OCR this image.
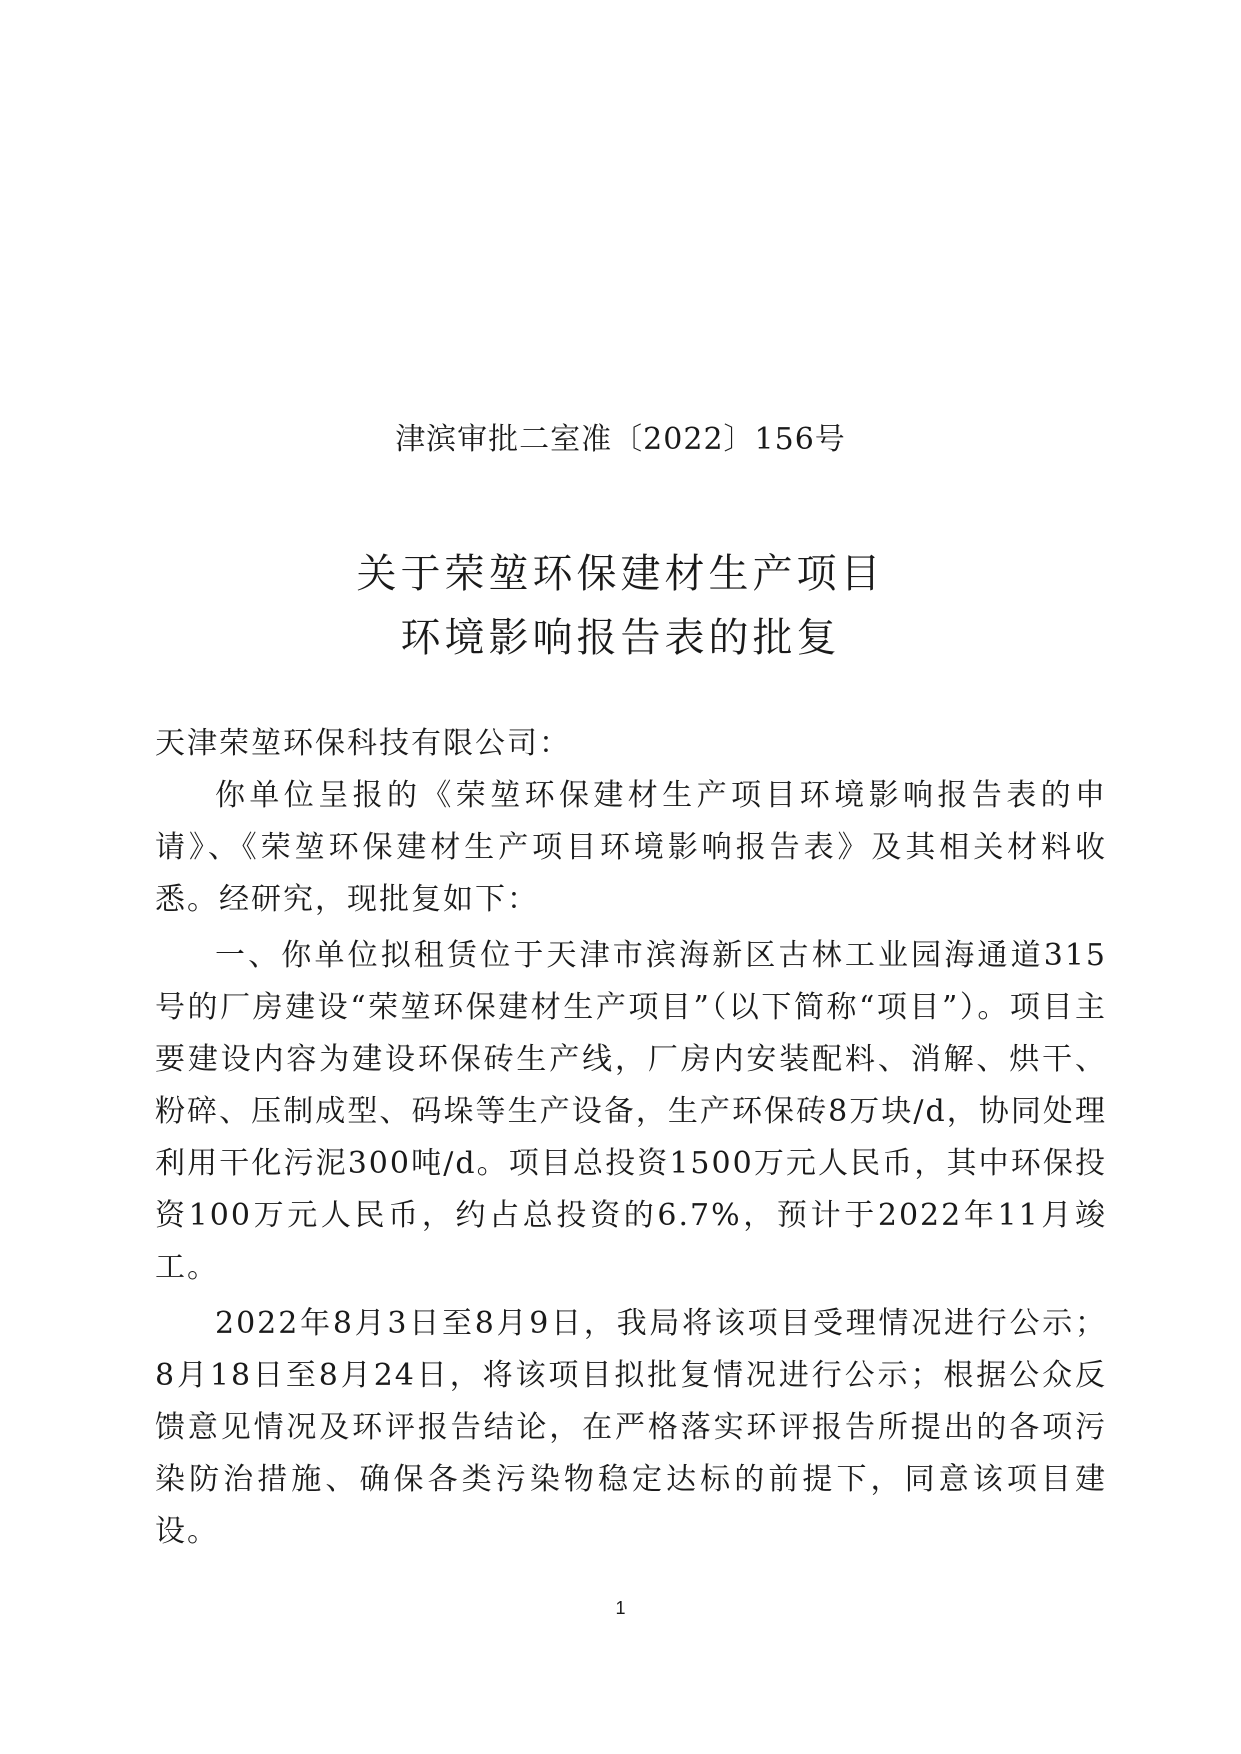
津滨审批二室准〔2022〕156号
关于荣堃环保建材生产项目
环境影响报告表的批复

天津荣堃环保科技有限公司：

你单位呈报的《荣堃环保建材生产项目环境影响报告表的申请》、《荣堃环保建材生产项目环境影响报告表》及其相关材料收悉。经研究，现批复如下：

一、你单位拟租赁位于天津市滨海新区古林工业园海通道315号的厂房建设“荣堃环保建材生产项目”（以下简称“项目”）。项目主要建设内容为建设环保砖生产线，厂房内安装配料、消解、烘干、粉碎、压制成型、码垛等生产设备，生产环保砖8万块/d，协同处理利用干化污泥300吨/d。项目总投资1500万元人民币，其中环保投资100万元人民币，约占总投资的6.7%，预计于2022年11月竣工。

2022年8月3日至8月9日，我局将该项目受理情况进行公示；8月18日至8月24日，将该项目拟批复情况进行公示；根据公众反馈意见情况及环评报告结论，在严格落实环评报告所提出的各项污染防治措施、确保各类污染物稳定达标的前提下，同意该项目建设。

1
